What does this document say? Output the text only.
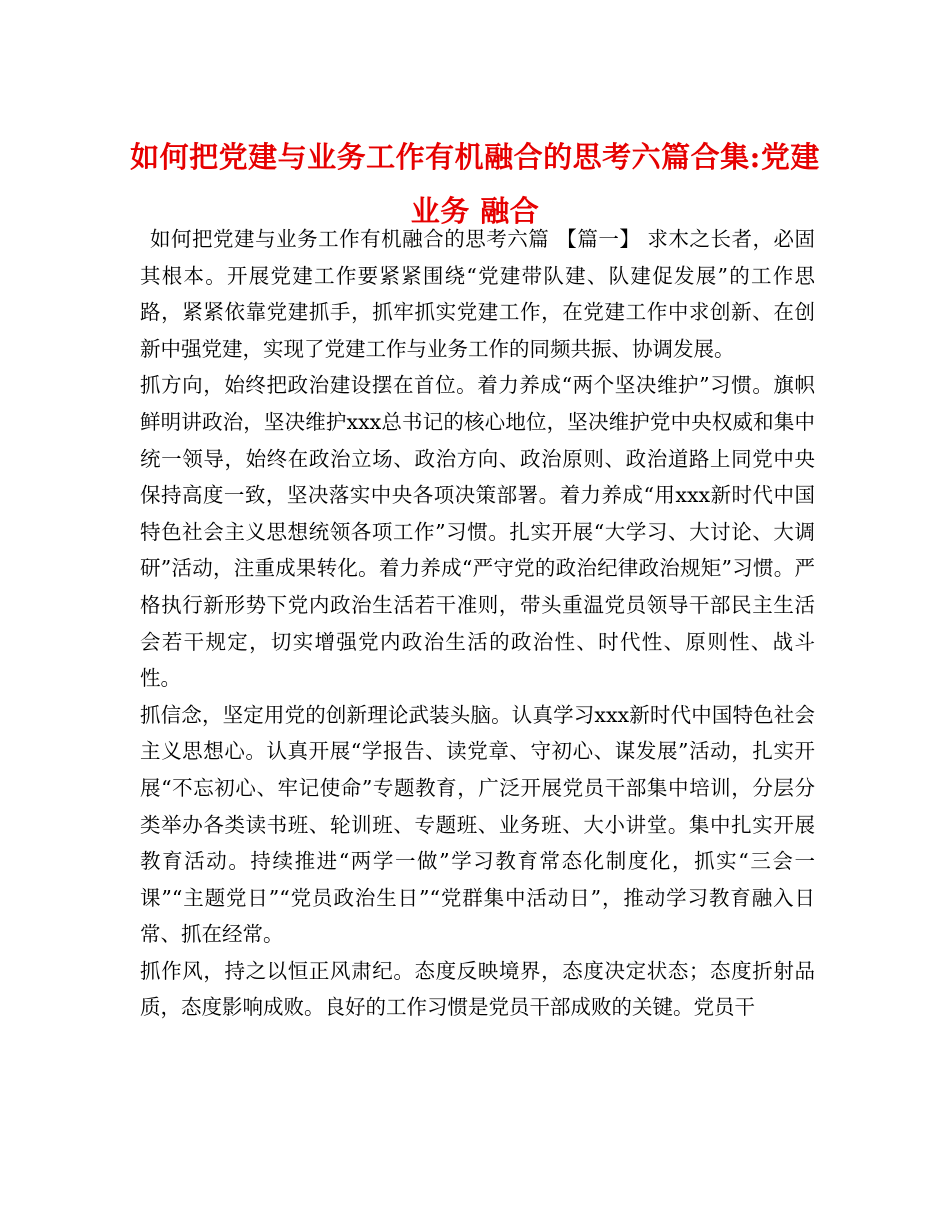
如何把党建与业务工作有机融合的思考六篇合集:党建业务 融合

如何把党建与业务工作有机融合的思考六篇 【篇一】 求木之长者，必固其根本。开展党建工作要紧紧围绕“党建带队建、队建促发展”的工作思路，紧紧依靠党建抓手，抓牢抓实党建工作，在党建工作中求创新、在创新中强党建，实现了党建工作与业务工作的同频共振、协调发展。

抓方向，始终把政治建设摆在首位。着力养成“两个坚决维护”习惯。旗帜鲜明讲政治，坚决维护xxx总书记的核心地位，坚决维护党中央权威和集中统一领导，始终在政治立场、政治方向、政治原则、政治道路上同党中央保持高度一致，坚决落实中央各项决策部署。着力养成“用xxx新时代中国特色社会主义思想统领各项工作”习惯。扎实开展“大学习、大讨论、大调研”活动，注重成果转化。着力养成“严守党的政治纪律政治规矩”习惯。严格执行新形势下党内政治生活若干准则，带头重温党员领导干部民主生活会若干规定，切实增强党内政治生活的政治性、时代性、原则性、战斗性。

抓信念，坚定用党的创新理论武装头脑。认真学习xxx新时代中国特色社会主义思想心。认真开展“学报告、读党章、守初心、谋发展”活动，扎实开展“不忘初心、牢记使命”专题教育，广泛开展党员干部集中培训，分层分类举办各类读书班、轮训班、专题班、业务班、大小讲堂。集中扎实开展教育活动。持续推进“两学一做”学习教育常态化制度化，抓实“三会一课”“主题党日”“党员政治生日”“党群集中活动日”，推动学习教育融入日常、抓在经常。

抓作风，持之以恒正风肃纪。态度反映境界，态度决定状态；态度折射品质，态度影响成败。良好的工作习惯是党员干部成败的关键。党员干
